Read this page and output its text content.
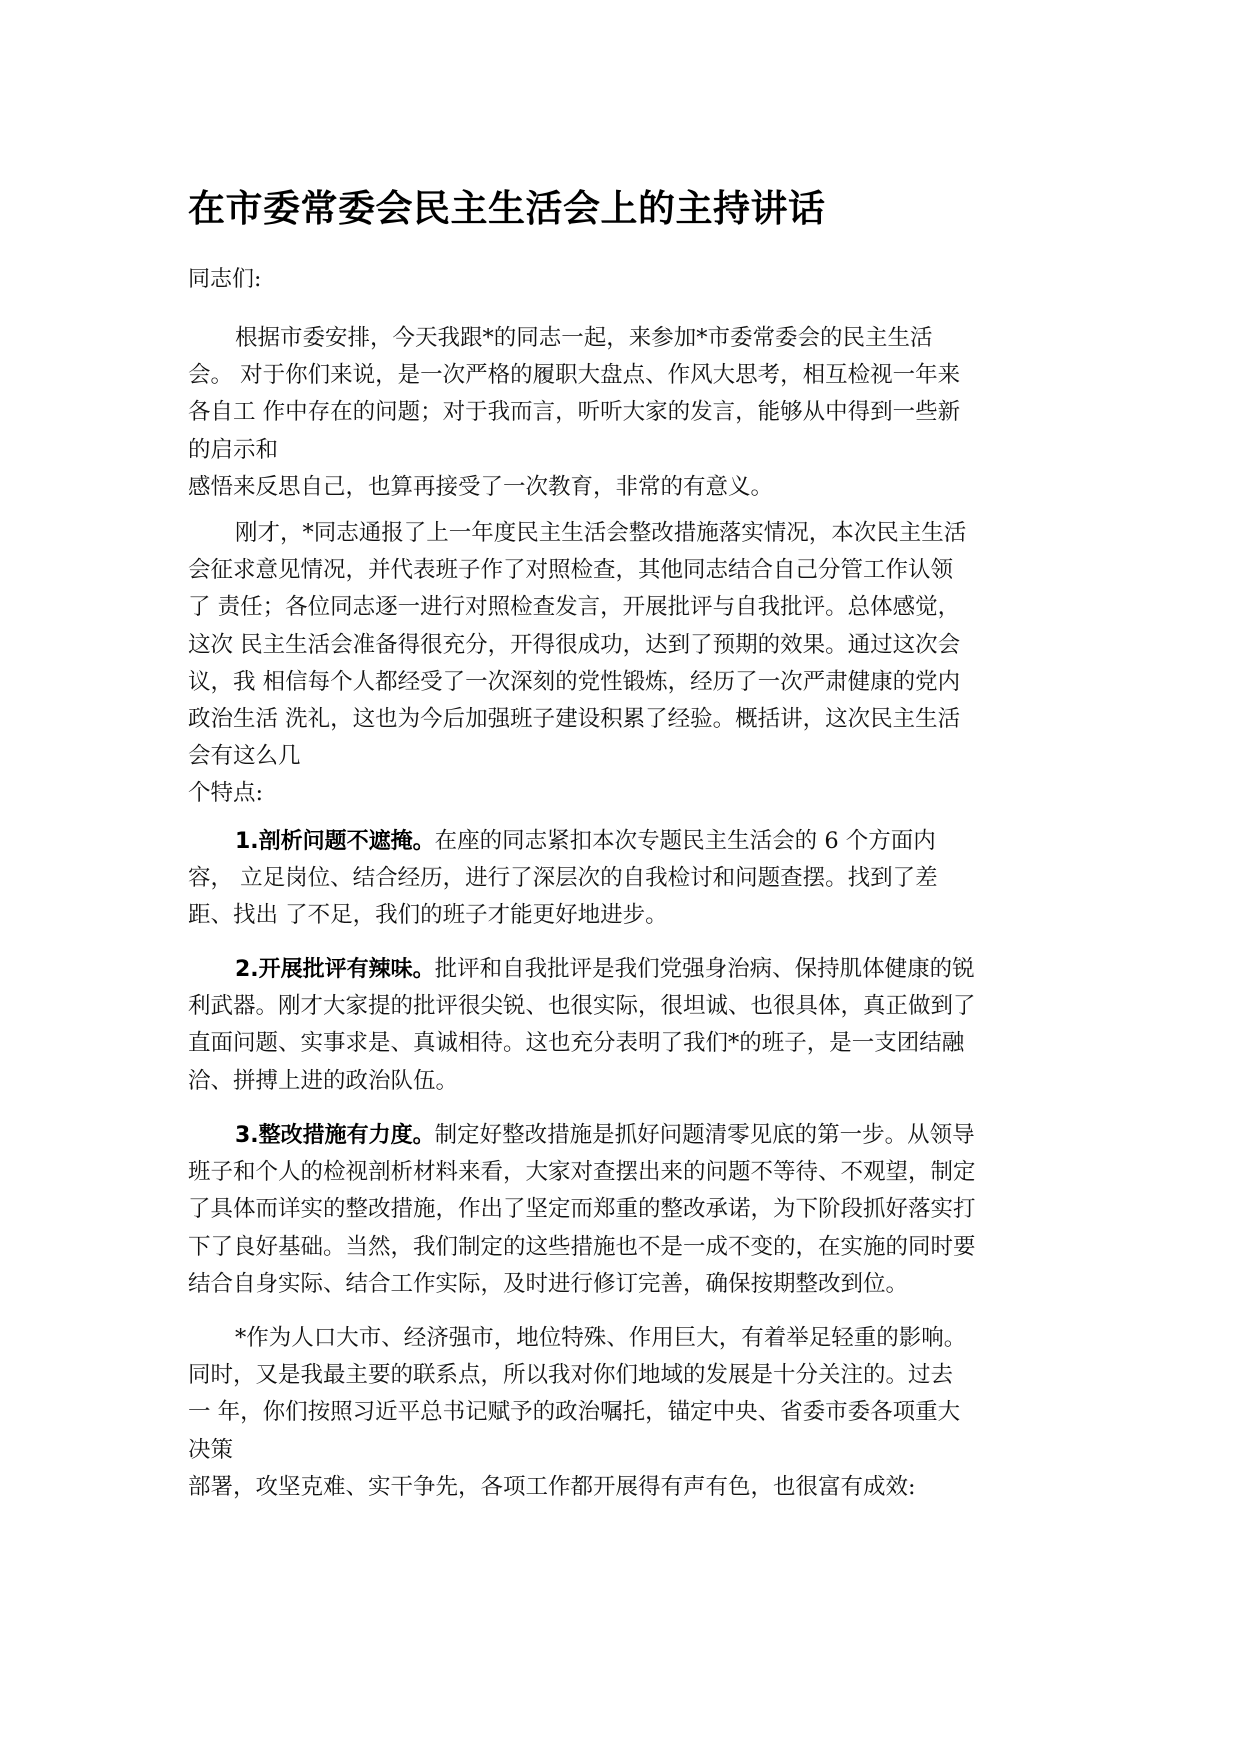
在市委常委会民主生活会上的主持讲话

同志们:

根据市委安排，今天我跟*的同志一起，来参加*市委常委会的民主生活
会。 对于你们来说，是一次严格的履职大盘点、作风大思考，相互检视一年来
各自工 作中存在的问题；对于我而言，听听大家的发言，能够从中得到一些新
的启示和
感悟来反思自己，也算再接受了一次教育，非常的有意义。
刚才，*同志通报了上一年度民主生活会整改措施落实情况，本次民主生活
会征求意见情况，并代表班子作了对照检查，其他同志结合自己分管工作认领
了 责任；各位同志逐一进行对照检查发言，开展批评与自我批评。总体感觉，
这次 民主生活会准备得很充分，开得很成功，达到了预期的效果。通过这次会
议，我 相信每个人都经受了一次深刻的党性锻炼，经历了一次严肃健康的党内
政治生活 洗礼，这也为今后加强班子建设积累了经验。概括讲，这次民主生活
会有这么几
个特点:
1.剖析问题不遮掩。在座的同志紧扣本次专题民主生活会的 6 个方面内
容， 立足岗位、结合经历，进行了深层次的自我检讨和问题查摆。找到了差
距、找出 了不足，我们的班子才能更好地进步。
2.开展批评有辣味。批评和自我批评是我们党强身治病、保持肌体健康的锐
利武器。刚才大家提的批评很尖锐、也很实际，很坦诚、也很具体，真正做到了
直面问题、实事求是、真诚相待。这也充分表明了我们*的班子，是一支团结融
洽、拼搏上进的政治队伍。
3.整改措施有力度。制定好整改措施是抓好问题清零见底的第一步。从领导
班子和个人的检视剖析材料来看，大家对查摆出来的问题不等待、不观望，制定
了具体而详实的整改措施，作出了坚定而郑重的整改承诺，为下阶段抓好落实打
下了良好基础。当然，我们制定的这些措施也不是一成不变的，在实施的同时要
结合自身实际、结合工作实际，及时进行修订完善，确保按期整改到位。
*作为人口大市、经济强市，地位特殊、作用巨大，有着举足轻重的影响。
同时，又是我最主要的联系点，所以我对你们地域的发展是十分关注的。过去
一 年，你们按照习近平总书记赋予的政治嘱托，锚定中央、省委市委各项重大
决策
部署，攻坚克难、实干争先，各项工作都开展得有声有色，也很富有成效:
